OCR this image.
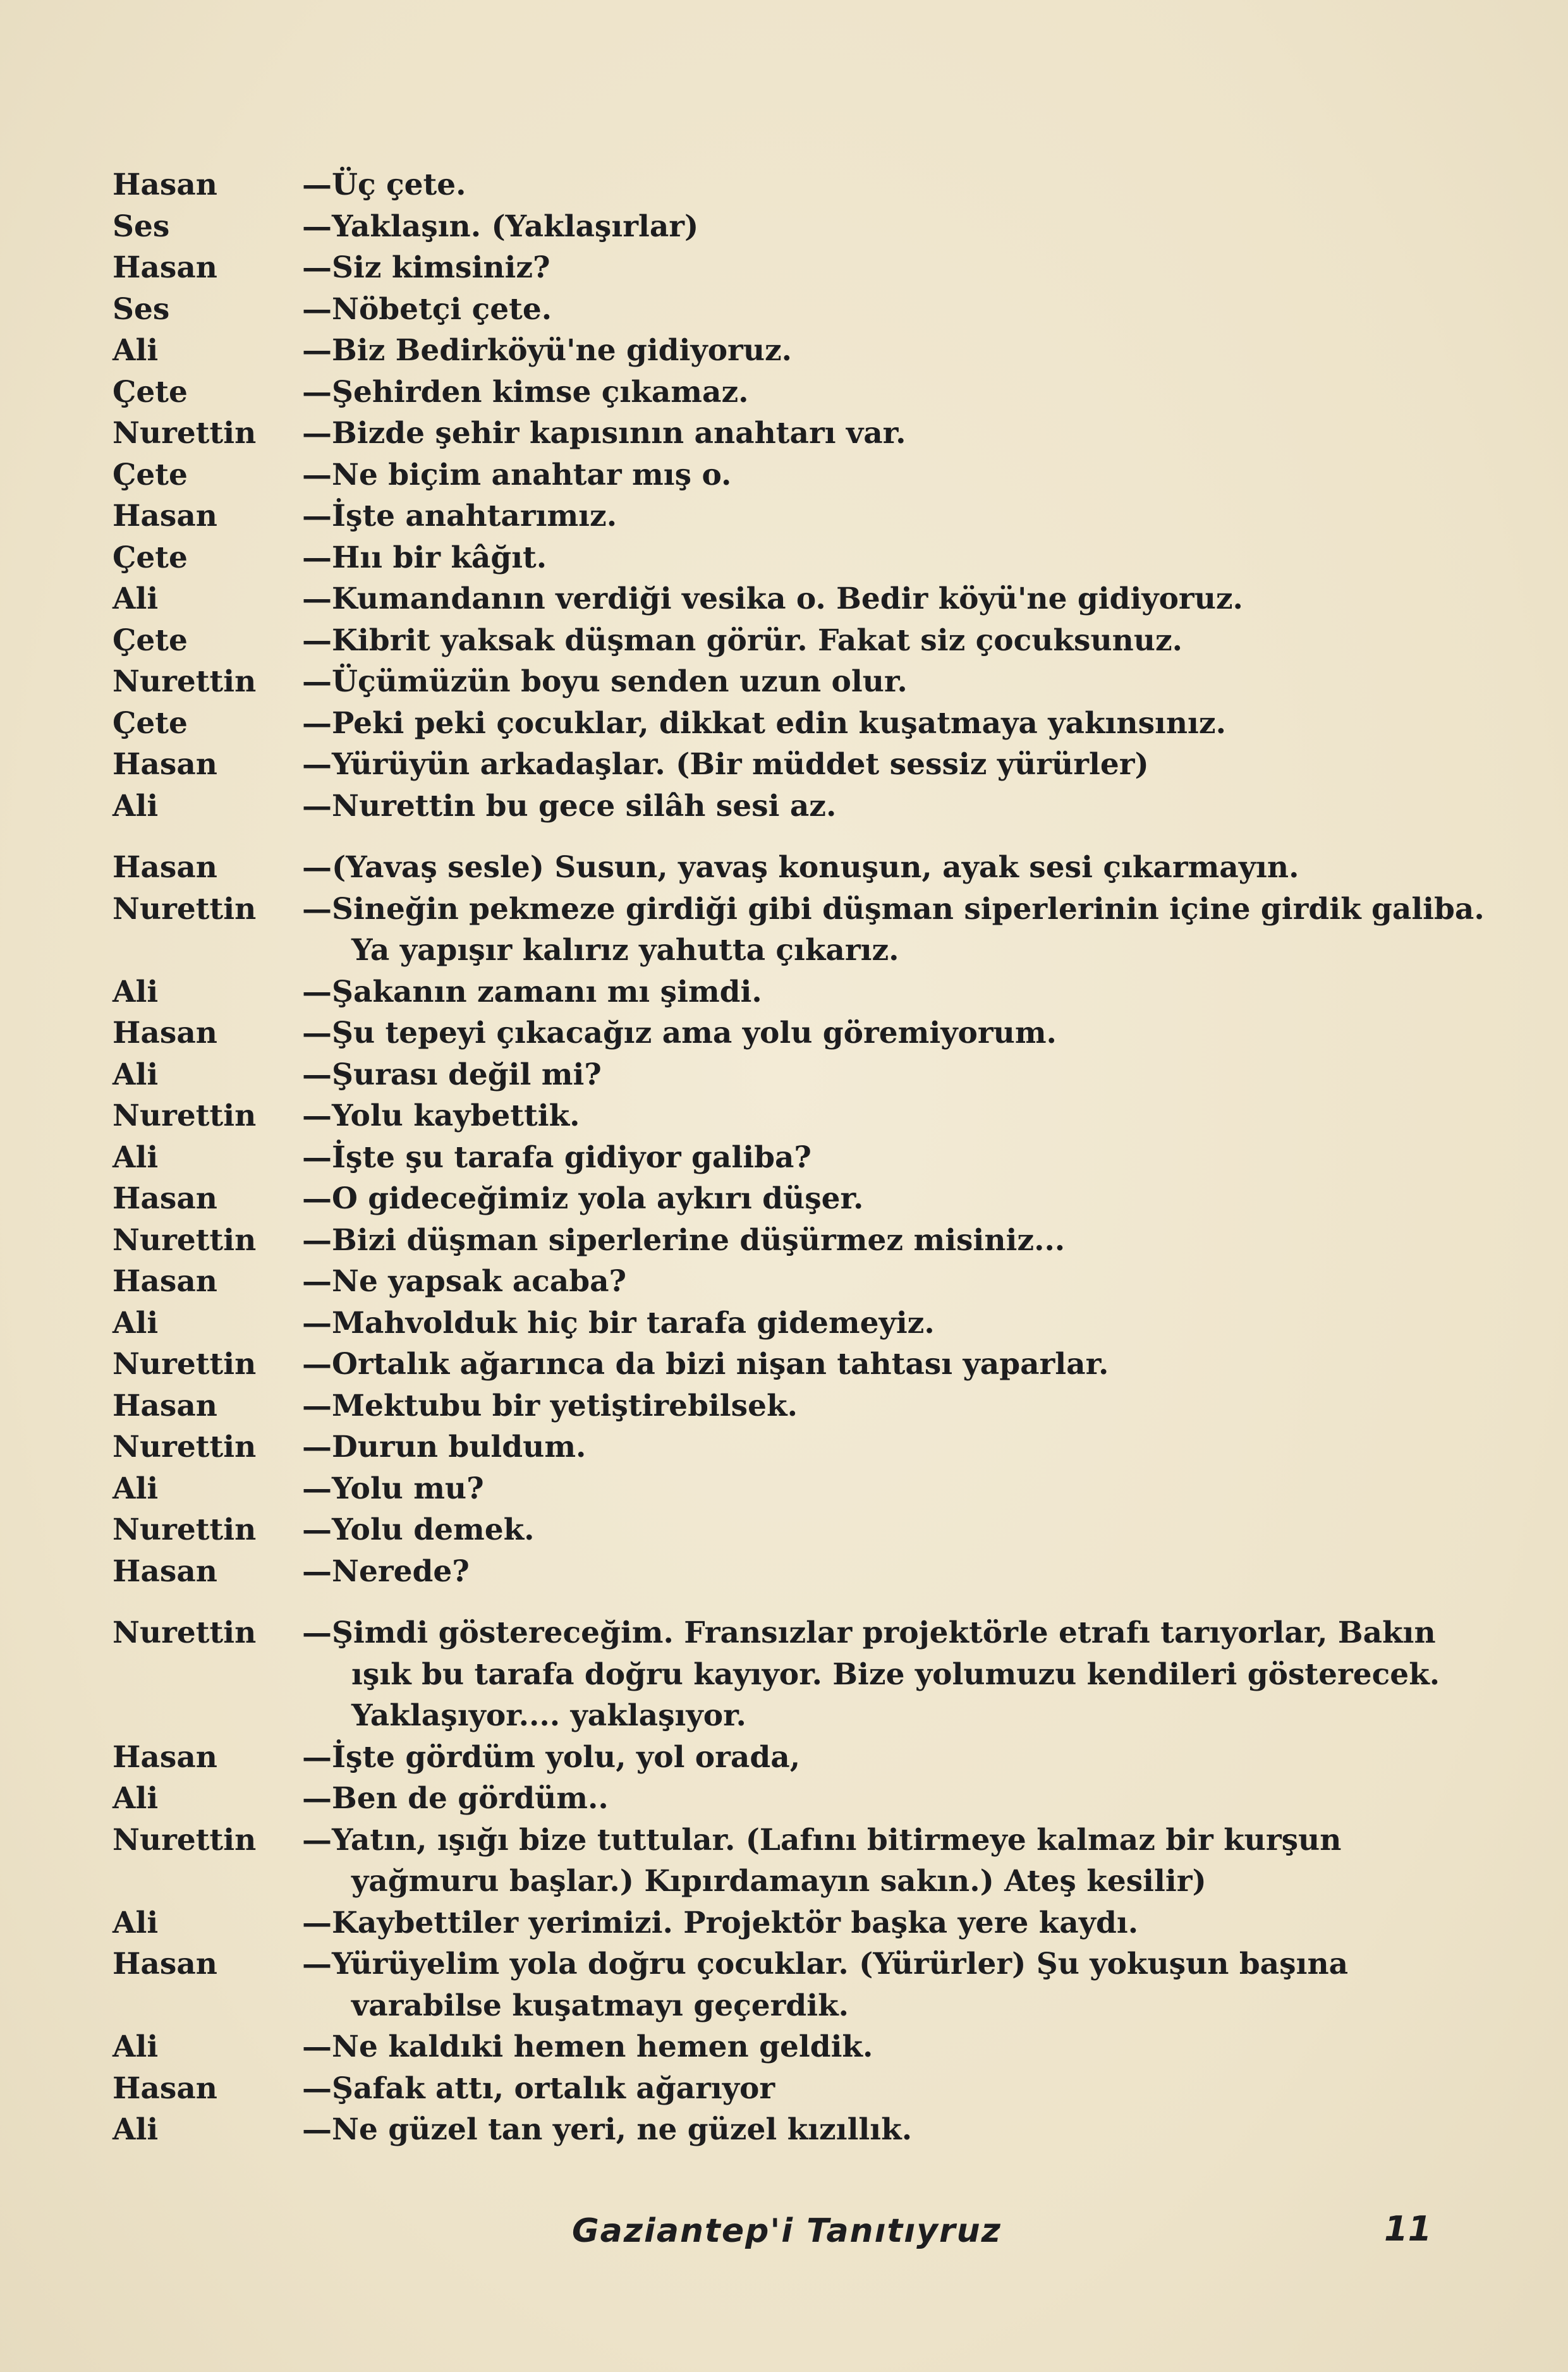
Hasan	—Üç çete.
Ses	—Yaklaşın. (Yaklaşırlar)
Hasan	—Siz kimsiniz?
Ses	—Nöbetçi çete.
Ali	—Biz Bedirköyü'ne gidiyoruz.
Çete	—Şehirden kimse çıkamaz.
Nurettin	—Bizde şehir kapısının anahtarı var.
Çete	—Ne biçim anahtar mış o.
Hasan	—İşte anahtarımız.
Çete	—Hıı bir kâğıt.
Ali	—Kumandanın verdiği vesika o. Bedir köyü'ne gidiyoruz.
Çete	—Kibrit yaksak düşman görür. Fakat siz çocuksunuz.
Nurettin	—Üçümüzün boyu senden uzun olur.
Çete	—Peki peki çocuklar, dikkat edin kuşatmaya yakınsınız.
Hasan	—Yürüyün arkadaşlar. (Bir müddet sessiz yürürler)
Ali	—Nurettin bu gece silâh sesi az.
Hasan	—(Yavaş sesle) Susun, yavaş konuşun, ayak sesi çıkarmayın.
Nurettin	—Sineğin pekmeze girdiği gibi düşman siperlerinin içine girdik galiba. Ya yapışır kalırız yahutta çıkarız.
Ali	—Şakanın zamanı mı şimdi.
Hasan	—Şu tepeyi çıkacağız ama yolu göremiyorum.
Ali	—Şurası değil mi?
Nurettin	—Yolu kaybettik.
Ali	—İşte şu tarafa gidiyor galiba?
Hasan	—O gideceğimiz yola aykırı düşer.
Nurettin	—Bizi düşman siperlerine düşürmez misiniz...
Hasan	—Ne yapsak acaba?
Ali	—Mahvolduk hiç bir tarafa gidemeyiz.
Nurettin	—Ortalık ağarınca da bizi nişan tahtası yaparlar.
Hasan	—Mektubu bir yetiştirebilsek.
Nurettin	—Durun buldum.
Ali	—Yolu mu?
Nurettin	—Yolu demek.
Hasan	—Nerede?
Nurettin	—Şimdi göstereceğim. Fransızlar projektörle etrafı tarıyorlar, Bakın ışık bu tarafa doğru kayıyor. Bize yolumuzu kendileri gösterecek. Yaklaşıyor.... yaklaşıyor.
Hasan	—İşte gördüm yolu, yol orada,
Ali	—Ben de gördüm..
Nurettin	—Yatın, ışığı bize tuttular. (Lafını bitirmeye kalmaz bir kurşun yağmuru başlar.) Kıpırdamayın sakın.) Ateş kesilir)
Ali	—Kaybettiler yerimizi. Projektör başka yere kaydı.
Hasan	—Yürüyelim yola doğru çocuklar. (Yürürler) Şu yokuşun başına varabilse kuşatmayı geçerdik.
Ali	—Ne kaldıki hemen hemen geldik.
Hasan	—Şafak attı, ortalık ağarıyor
Ali	—Ne güzel tan yeri, ne güzel kızıllık.
Gaziantep'i Tanıtıyruz	11
